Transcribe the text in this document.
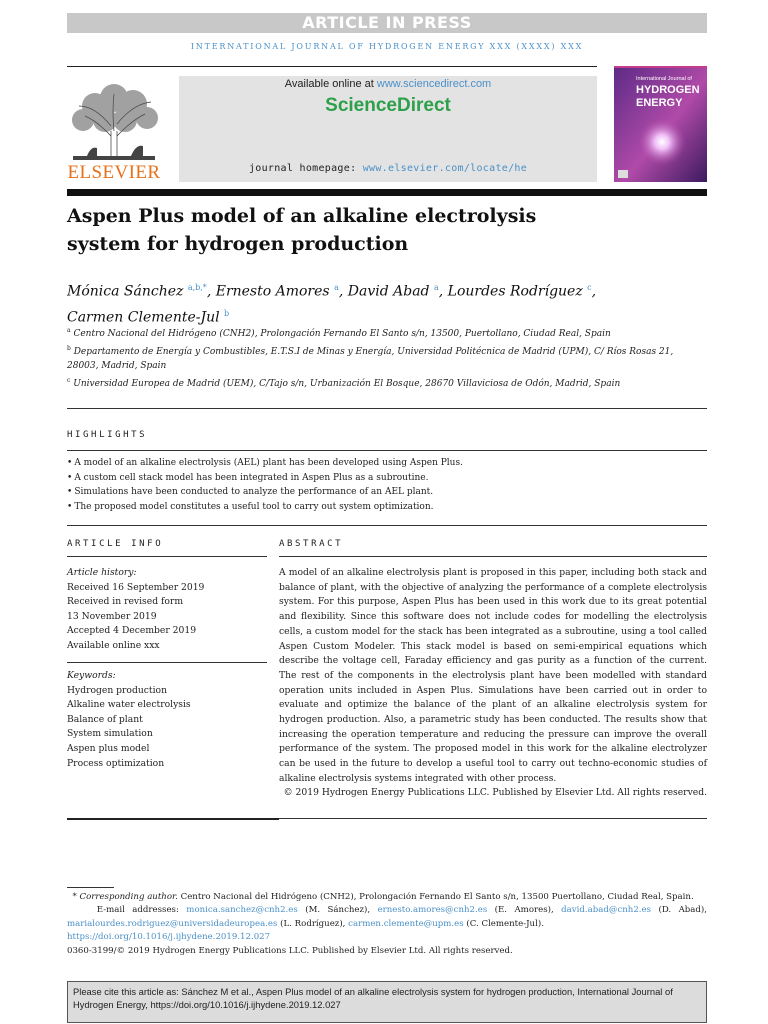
ARTICLE IN PRESS
INTERNATIONAL JOURNAL OF HYDROGEN ENERGY XXX (XXXX) XXX
ELSEVIER
Available online at www.sciencedirect.com
ScienceDirect
journal homepage: www.elsevier.com/locate/he
International Journal of
HYDROGEN
ENERGY
Aspen Plus model of an alkaline electrolysis
system for hydrogen production
Mónica Sánchez $^{a,b,*}$, Ernesto Amores $^a$, David Abad $^a$, Lourdes Rodríguez $^c$,
Carmen Clemente-Jul $^b$
$^a$ Centro Nacional del Hidrógeno (CNH2), Prolongación Fernando El Santo s/n, 13500, Puertollano, Ciudad Real, Spain
$^b$ Departamento de Energía y Combustibles, E.T.S.I de Minas y Energía, Universidad Politécnica de Madrid (UPM), C/ Ríos Rosas 21, 28003, Madrid, Spain
$^c$ Universidad Europea de Madrid (UEM), C/Tajo s/n, Urbanización El Bosque, 28670 Villaviciosa de Odón, Madrid, Spain
HIGHLIGHTS
• A model of an alkaline electrolysis (AEL) plant has been developed using Aspen Plus.
• A custom cell stack model has been integrated in Aspen Plus as a subroutine.
• Simulations have been conducted to analyze the performance of an AEL plant.
• The proposed model constitutes a useful tool to carry out system optimization.
ARTICLE INFO	ABSTRACT
Article history:
Received 16 September 2019
Received in revised form
13 November 2019
Accepted 4 December 2019
Available online xxx
Keywords:
Hydrogen production
Alkaline water electrolysis
Balance of plant
System simulation
Aspen plus model
Process optimization
A model of an alkaline electrolysis plant is proposed in this paper, including both stack and balance of plant, with the objective of analyzing the performance of a complete electrolysis system. For this purpose, Aspen Plus has been used in this work due to its great potential and flexibility. Since this software does not include codes for modelling the electrolysis cells, a custom model for the stack has been integrated as a subroutine, using a tool called Aspen Custom Modeler. This stack model is based on semi-empirical equations which describe the voltage cell, Faraday efficiency and gas purity as a function of the current. The rest of the components in the electrolysis plant have been modelled with standard operation units included in Aspen Plus. Simulations have been carried out in order to evaluate and optimize the balance of the plant of an alkaline electrolysis system for hydrogen production. Also, a parametric study has been conducted. The results show that increasing the operation temperature and reducing the pressure can improve the overall performance of the system. The proposed model in this work for the alkaline electrolyzer can be used in the future to develop a useful tool to carry out techno-economic studies of alkaline electrolysis systems integrated with other process.
© 2019 Hydrogen Energy Publications LLC. Published by Elsevier Ltd. All rights reserved.
* Corresponding author. Centro Nacional del Hidrógeno (CNH2), Prolongación Fernando El Santo s/n, 13500 Puertollano, Ciudad Real, Spain.
E-mail addresses: monica.sanchez@cnh2.es (M. Sánchez), ernesto.amores@cnh2.es (E. Amores), david.abad@cnh2.es (D. Abad), marialourdes.rodriguez@universidadeuropea.es (L. Rodríguez), carmen.clemente@upm.es (C. Clemente-Jul).
https://doi.org/10.1016/j.ijhydene.2019.12.027
0360-3199/© 2019 Hydrogen Energy Publications LLC. Published by Elsevier Ltd. All rights reserved.
Please cite this article as: Sánchez M et al., Aspen Plus model of an alkaline electrolysis system for hydrogen production, International Journal of Hydrogen Energy, https://doi.org/10.1016/j.ijhydene.2019.12.027
